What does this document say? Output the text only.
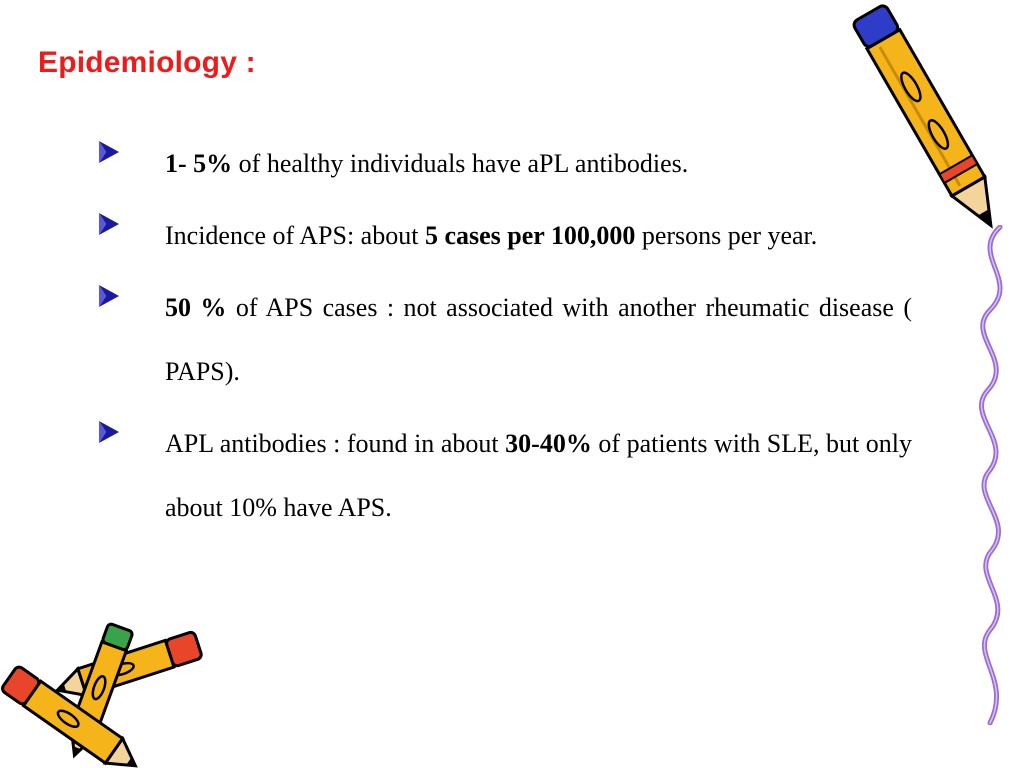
Epidemiology :

1- 5% of healthy individuals have aPL antibodies.

Incidence of APS: about 5 cases per 100,000 persons per year.

50 % of APS cases : not associated with another rheumatic disease ( PAPS).

APL antibodies : found in about 30-40% of patients with SLE, but only about 10% have APS.
